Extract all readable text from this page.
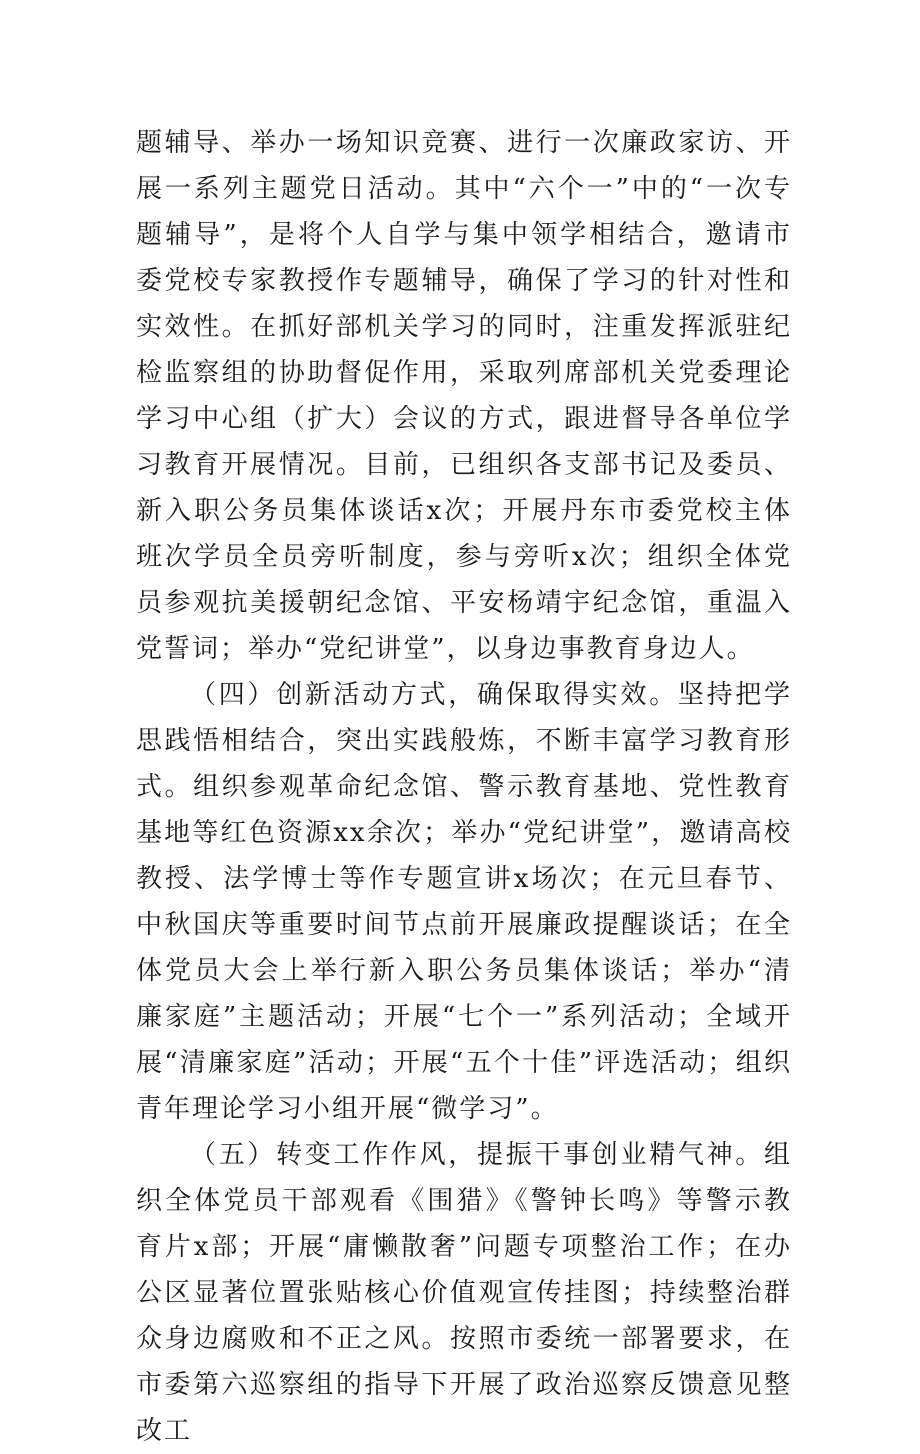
题辅导、举办一场知识竞赛、进行一次廉政家访、开展一系列主题党日活动。其中“六个一”中的“一次专题辅导”，是将个人自学与集中领学相结合，邀请市委党校专家教授作专题辅导，确保了学习的针对性和实效性。在抓好部机关学习的同时，注重发挥派驻纪检监察组的协助督促作用，采取列席部机关党委理论学习中心组（扩大）会议的方式，跟进督导各单位学习教育开展情况。目前，已组织各支部书记及委员、新入职公务员集体谈话x次；开展丹东市委党校主体班次学员全员旁听制度，参与旁听x次；组织全体党员参观抗美援朝纪念馆、平安杨靖宇纪念馆，重温入党誓词；举办“党纪讲堂”，以身边事教育身边人。

（四）创新活动方式，确保取得实效。坚持把学思践悟相结合，突出实践般炼，不断丰富学习教育形式。组织参观革命纪念馆、警示教育基地、党性教育基地等红色资源xx余次；举办“党纪讲堂”，邀请高校教授、法学博士等作专题宣讲x场次；在元旦春节、中秋国庆等重要时间节点前开展廉政提醒谈话；在全体党员大会上举行新入职公务员集体谈话；举办“清廉家庭”主题活动；开展“七个一”系列活动；全域开展“清廉家庭”活动；开展“五个十佳”评选活动；组织青年理论学习小组开展“微学习”。

（五）转变工作作风，提振干事创业精气神。组织全体党员干部观看《围猎》《警钟长鸣》等警示教育片x部；开展“庸懒散奢”问题专项整治工作；在办公区显著位置张贴核心价值观宣传挂图；持续整治群众身边腐败和不正之风。按照市委统一部署要求，在市委第六巡察组的指导下开展了政治巡察反馈意见整改工
